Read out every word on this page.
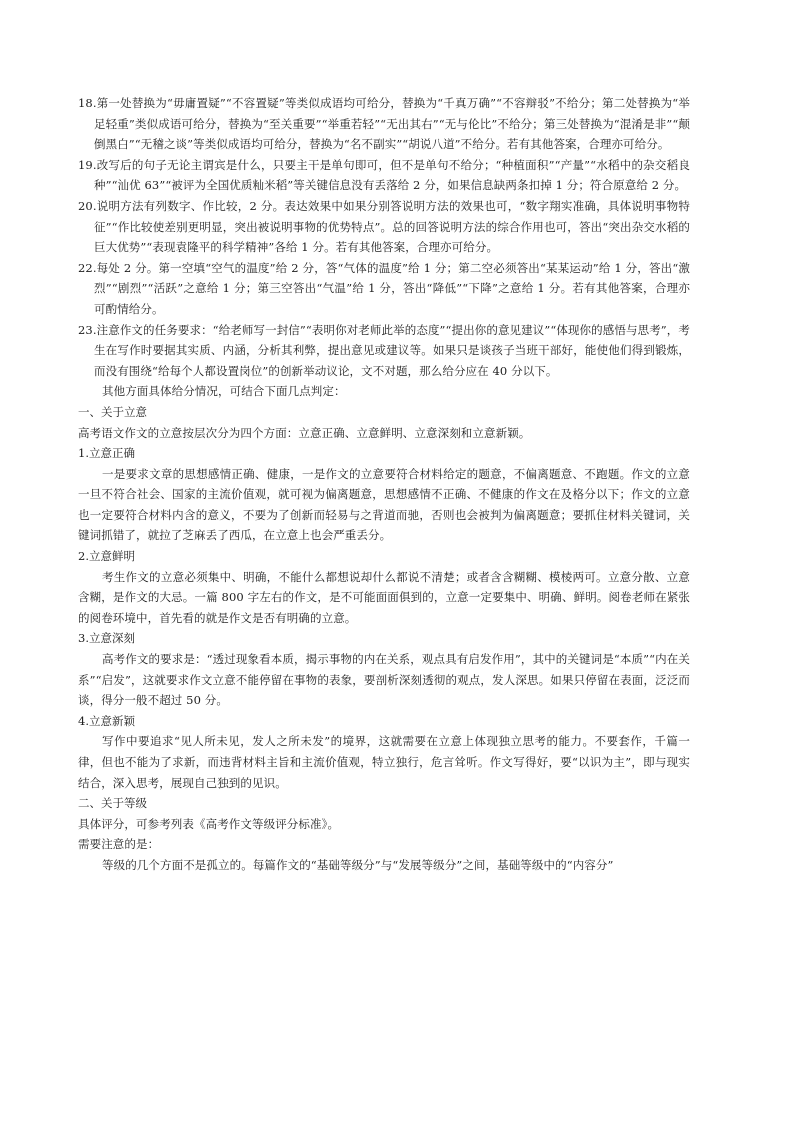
18.第一处替换为“毋庸置疑”“不容置疑”等类似成语均可给分，替换为“千真万确”“不容辩驳”不给分；第二处替换为“举足轻重”类似成语可给分，替换为“至关重要”“举重若轻”“无出其右”“无与伦比”不给分；第三处替换为“混淆是非”“颠倒黑白”“无稽之谈”等类似成语均可给分，替换为“名不副实”“胡说八道”不给分。若有其他答案，合理亦可给分。

19.改写后的句子无论主谓宾是什么，只要主干是单句即可，但不是单句不给分；“种植面积”“产量”“水稻中的杂交稻良种”“汕优 63”“被评为全国优质籼米稻”等关键信息没有丢落给 2 分，如果信息缺两条扣掉 1 分；符合原意给 2 分。

20.说明方法有列数字、作比较，2 分。表达效果中如果分别答说明方法的效果也可，“数字翔实准确，具体说明事物特征”“作比较使差别更明显，突出被说明事物的优势特点”。总的回答说明方法的综合作用也可，答出“突出杂交水稻的巨大优势”“表现袁隆平的科学精神”各给 1 分。若有其他答案，合理亦可给分。

22.每处 2 分。第一空填“空气的温度”给 2 分，答“气体的温度”给 1 分；第二空必须答出“某某运动”给 1 分，答出“激烈”“剧烈”“活跃”之意给 1 分；第三空答出“气温”给 1 分，答出“降低”“下降”之意给 1 分。若有其他答案，合理亦可酌情给分。

23.注意作文的任务要求：“给老师写一封信”“表明你对老师此举的态度”“提出你的意见建议”“体现你的感悟与思考”，考生在写作时要据其实质、内涵，分析其利弊，提出意见或建议等。如果只是谈孩子当班干部好，能使他们得到锻炼，而没有围绕“给每个人都设置岗位”的创新举动议论，文不对题，那么给分应在 40 分以下。

其他方面具体给分情况，可结合下面几点判定：

一、关于立意

高考语文作文的立意按层次分为四个方面：立意正确、立意鲜明、立意深刻和立意新颖。

1.立意正确

一是要求文章的思想感情正确、健康，一是作文的立意要符合材料给定的题意，不偏离题意、不跑题。作文的立意一旦不符合社会、国家的主流价值观，就可视为偏离题意，思想感情不正确、不健康的作文在及格分以下；作文的立意也一定要符合材料内含的意义，不要为了创新而轻易与之背道而驰，否则也会被判为偏离题意；要抓住材料关键词，关键词抓错了，就拉了芝麻丢了西瓜，在立意上也会严重丢分。

2.立意鲜明

考生作文的立意必须集中、明确，不能什么都想说却什么都说不清楚；或者含含糊糊、模棱两可。立意分散、立意含糊，是作文的大忌。一篇 800 字左右的作文，是不可能面面俱到的，立意一定要集中、明确、鲜明。阅卷老师在紧张的阅卷环境中，首先看的就是作文是否有明确的立意。

3.立意深刻

高考作文的要求是：“透过现象看本质，揭示事物的内在关系，观点具有启发作用”，其中的关键词是“本质”“内在关系”“启发”，这就要求作文立意不能停留在事物的表象，要剖析深刻透彻的观点，发人深思。如果只停留在表面，泛泛而谈，得分一般不超过 50 分。

4.立意新颖

写作中要追求“见人所未见，发人之所未发”的境界，这就需要在立意上体现独立思考的能力。不要套作，千篇一律，但也不能为了求新，而违背材料主旨和主流价值观，特立独行，危言耸听。作文写得好，要“以识为主”，即与现实结合，深入思考，展现自己独到的见识。

二、关于等级

具体评分，可参考列表《高考作文等级评分标准》。

需要注意的是：

等级的几个方面不是孤立的。每篇作文的“基础等级分”与“发展等级分”之间，基础等级中的“内容分”
